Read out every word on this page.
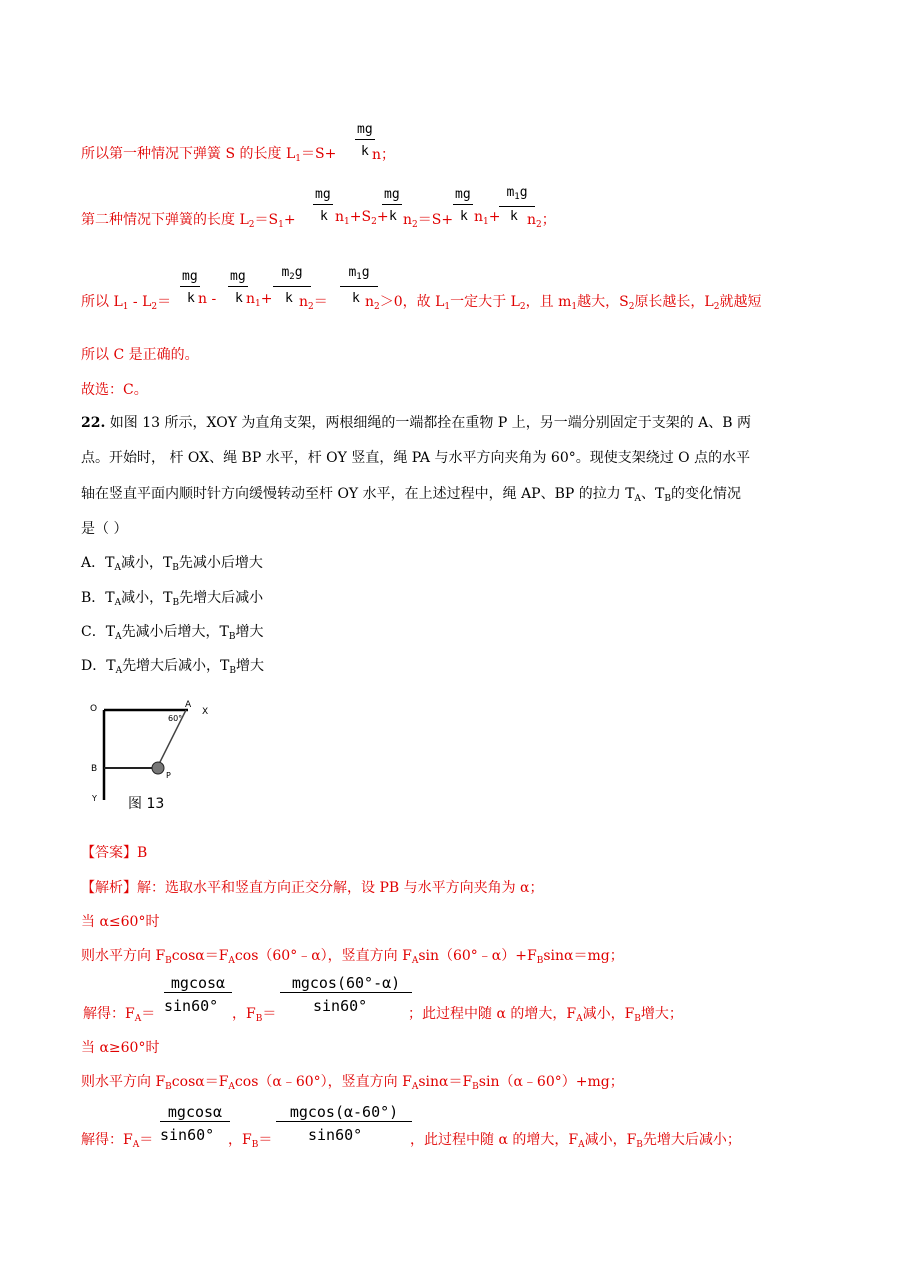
mg
k
所以第一种情况下弹簧 S 的长度 $L_1=S+$	n；
mg
k
mg
k
mg
k
$m_1g$
k
第二种情况下弹簧的长度 $L_2=S_1+$	$n_1+S_2+ n_2=S+ n_1+ n_2$；
mg
k
mg
k
$m_2g$
k
$m_1g$
k
所以 $L_1 - L_2= n - n_1+ n_2=$	$n_2>0$，故 $L_1$一定大于 $L_2$，且 $m_1$越大，$S_2$原长越长，$L_2$就越短
所以 C 是正确的。
故选：C。
22. 如图 13 所示，XOY 为直角支架，两根细绳的一端都拴在重物 P 上，另一端分别固定于支架的 A、B 两
点。开始时， 杆 OX、绳 BP 水平，杆 OY 竖直，绳 PA 与水平方向夹角为 60°。现使支架绕过 O 点的水平
轴在竖直平面内顺时针方向缓慢转动至杆 OY 水平，在上述过程中，绳 AP、BP 的拉力 $T_A$、$T_B$的变化情况
是（ ）
A．$T_A$减小，$T_B$先减小后增大
B．$T_A$减小，$T_B$先增大后减小
C．$T_A$先减小后增大，$T_B$增大
D．$T_A$先增大后减小，$T_B$增大
O	A
X
60°
B
P
Y 图 13
【答案】B
【解析】解：选取水平和竖直方向正交分解，设 PB 与水平方向夹角为 α；
当 α≤60°时
则水平方向 $F_B\cos\alpha=F_A\cos(60^\circ﹣\alpha)$，竖直方向 $F_A\sin(60^\circ﹣\alpha)+F_B\sin\alpha=mg$；
mgcosα
sin60°
mgcos(60°-α)
sin60°
解得：$F_A=$	，$F_B=$	；此过程中随 α 的增大，$F_A$减小，$F_B$增大；
当 α≥60°时
则水平方向 $F_B\cos\alpha=F_A\cos(\alpha﹣60^\circ)$，竖直方向 $F_A\sin\alpha=F_B\sin(\alpha﹣60^\circ)+mg$；
mgcosα
sin60°
mgcos(α-60°)
sin60°
解得：$F_A=$	，$F_B=$	，此过程中随 α 的增大，$F_A$减小，$F_B$先增大后减小；
